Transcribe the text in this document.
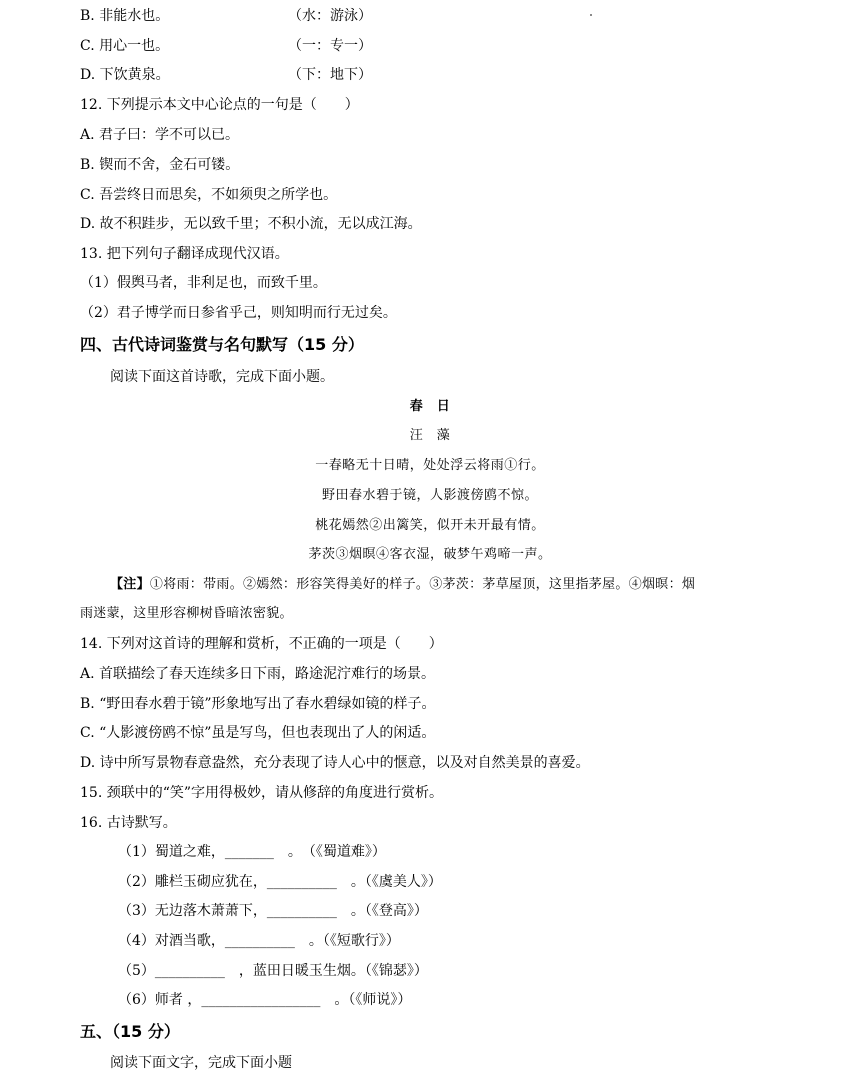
B. 非能水也。	（水：游泳）
C. 用心一也。	（一：专一）
D. 下饮黄泉。	（下：地下）
12. 下列提示本文中心论点的一句是（　　）
A. 君子曰：学不可以已。
B. 锲而不舍，金石可镂。
C. 吾尝终日而思矣，不如须臾之所学也。
D. 故不积跬步，无以致千里；不积小流，无以成江海。
13. 把下列句子翻译成现代汉语。
（1）假舆马者，非利足也，而致千里。
（2）君子博学而日参省乎己，则知明而行无过矣。
四、古代诗词鉴赏与名句默写（15 分）
阅读下面这首诗歌，完成下面小题。
春　日
汪　藻
一春略无十日晴，处处浮云将雨①行。
野田春水碧于镜，人影渡傍鸥不惊。
桃花嫣然②出篱笑，似开未开最有情。
茅茨③烟暝④客衣湿，破梦午鸡啼一声。
【注】①将雨：带雨。②嫣然：形容笑得美好的样子。③茅茨：茅草屋顶，这里指茅屋。④烟暝：烟
雨迷蒙，这里形容柳树昏暗浓密貌。
14. 下列对这首诗的理解和赏析，不正确的一项是（　　）
A. 首联描绘了春天连续多日下雨，路途泥泞难行的场景。
B. “野田春水碧于镜”形象地写出了春水碧绿如镜的样子。
C. “人影渡傍鸥不惊”虽是写鸟，但也表现出了人的闲适。
D. 诗中所写景物春意盎然，充分表现了诗人心中的惬意，以及对自然美景的喜爱。
15. 颈联中的“笑”字用得极妙，请从修辞的角度进行赏析。
16. 古诗默写。
（1）蜀道之难，_______　。　（《蜀道难》）
（2）雕栏玉砌应犹在，__________　。（《虞美人》）
（3）无边落木萧萧下，__________　。（《登高》）
（4）对酒当歌，__________　。（《短歌行》）
（5）__________　，蓝田日暖玉生烟。（《锦瑟》）
（6）师者 ，_________________　。（《师说》）
五、（15 分）
阅读下面文字，完成下面小题
